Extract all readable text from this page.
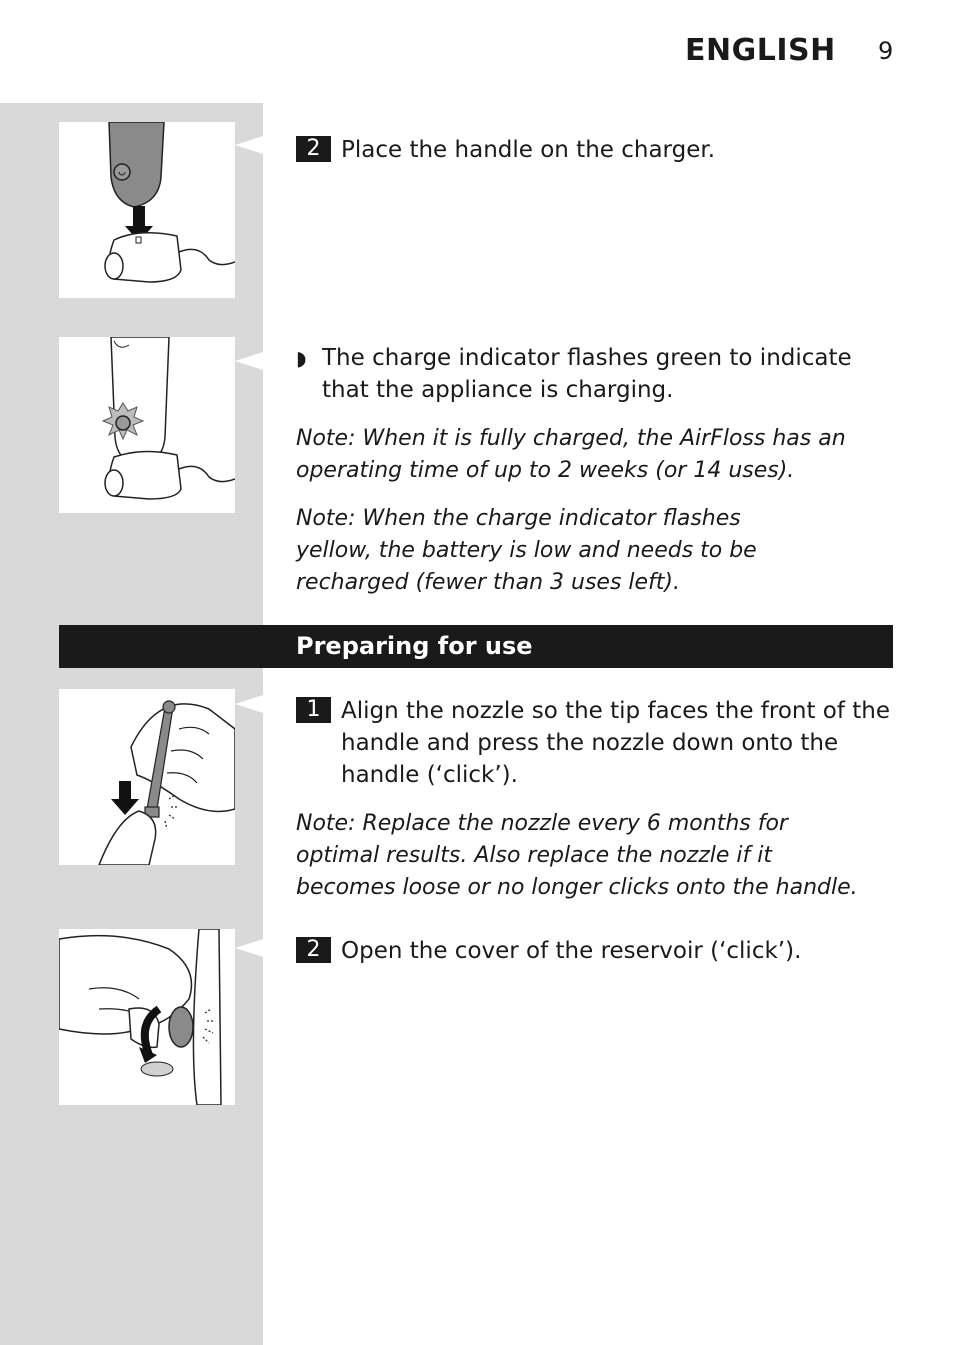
ENGLISH 9
2 Place the handle on the charger.
◗ The charge indicator flashes green to indicate that the appliance is charging.
Note: When it is fully charged, the AirFloss has an operating time of up to 2 weeks (or 14 uses).
Note: When the charge indicator flashes yellow, the battery is low and needs to be recharged (fewer than 3 uses left).
Preparing for use
1 Align the nozzle so the tip faces the front of the handle and press the nozzle down onto the handle (‘click’).
Note: Replace the nozzle every 6 months for optimal results. Also replace the nozzle if it becomes loose or no longer clicks onto the handle.
2 Open the cover of the reservoir (‘click’).
